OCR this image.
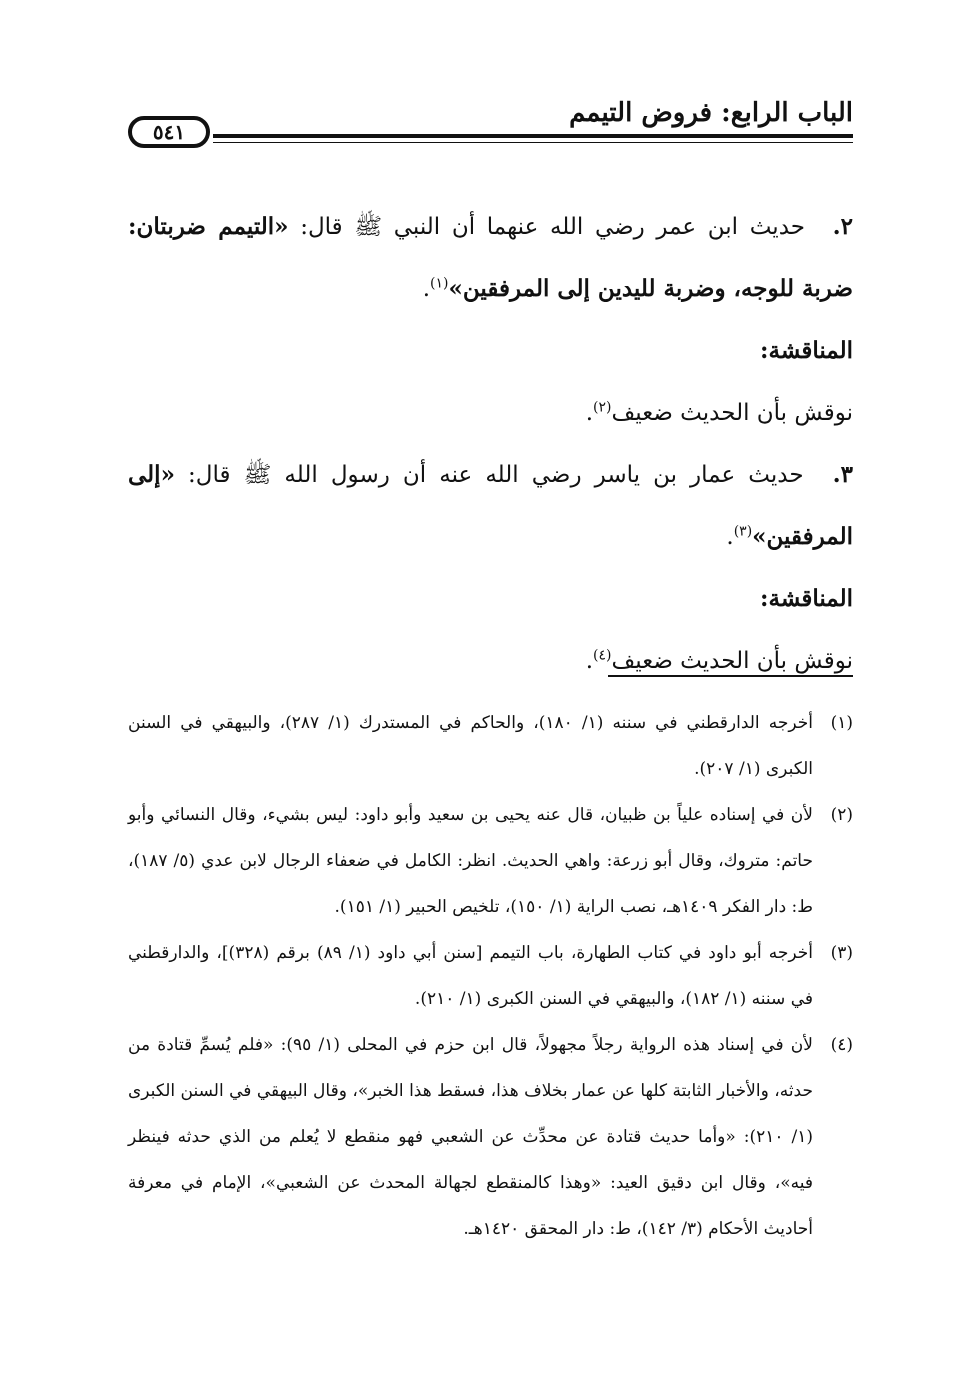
الباب الرابع: فروض التيمم
٥٤١

٢. حديث ابن عمر رضي الله عنهما أن النبي ﷺ قال: «التيمم ضربتان: ضربة للوجه، وضربة لليدين إلى المرفقين»$^{(١)}$.

المناقشة:

نوقش بأن الحديث ضعيف$^{(٢)}$.

٣. حديث عمار بن ياسر رضي الله عنه أن رسول الله ﷺ قال: «إلى المرفقين»$^{(٣)}$.

المناقشة:

نوقش بأن الحديث ضعيف$^{(٤)}$.

(١)
أخرجه الدارقطني في سننه (١/ ١٨٠)، والحاكم في المستدرك (١/ ٢٨٧)، والبيهقي في السنن الكبرى (١/ ٢٠٧).
(٢)
لأن في إسناده علياً بن ظبيان، قال عنه يحيى بن سعيد وأبو داود: ليس بشيء، وقال النسائي وأبو حاتم: متروك، وقال أبو زرعة: واهي الحديث. انظر: الكامل في ضعفاء الرجال لابن عدي (٥/ ١٨٧)، ط: دار الفكر ١٤٠٩هـ، نصب الراية (١/ ١٥٠)، تلخيص الحبير (١/ ١٥١).
(٣)
أخرجه أبو داود في كتاب الطهارة، باب التيمم [سنن أبي داود (١/ ٨٩) برقم (٣٢٨)]، والدارقطني في سننه (١/ ١٨٢)، والبيهقي في السنن الكبرى (١/ ٢١٠).
(٤)
لأن في إسناد هذه الرواية رجلاً مجهولاً، قال ابن حزم في المحلى (١/ ٩٥): «فلم يُسمِّ قتادة من حدثه، والأخبار الثابتة كلها عن عمار بخلاف هذا، فسقط هذا الخبر»، وقال البيهقي في السنن الكبرى (١/ ٢١٠): «وأما حديث قتادة عن محدِّث عن الشعبي فهو منقطع لا يُعلم من الذي حدثه فينظر فيه»، وقال ابن دقيق العيد: «وهذا كالمنقطع لجهالة المحدث عن الشعبي»، الإمام في معرفة أحاديث الأحكام (٣/ ١٤٢)، ط: دار المحقق ١٤٢٠هـ.
